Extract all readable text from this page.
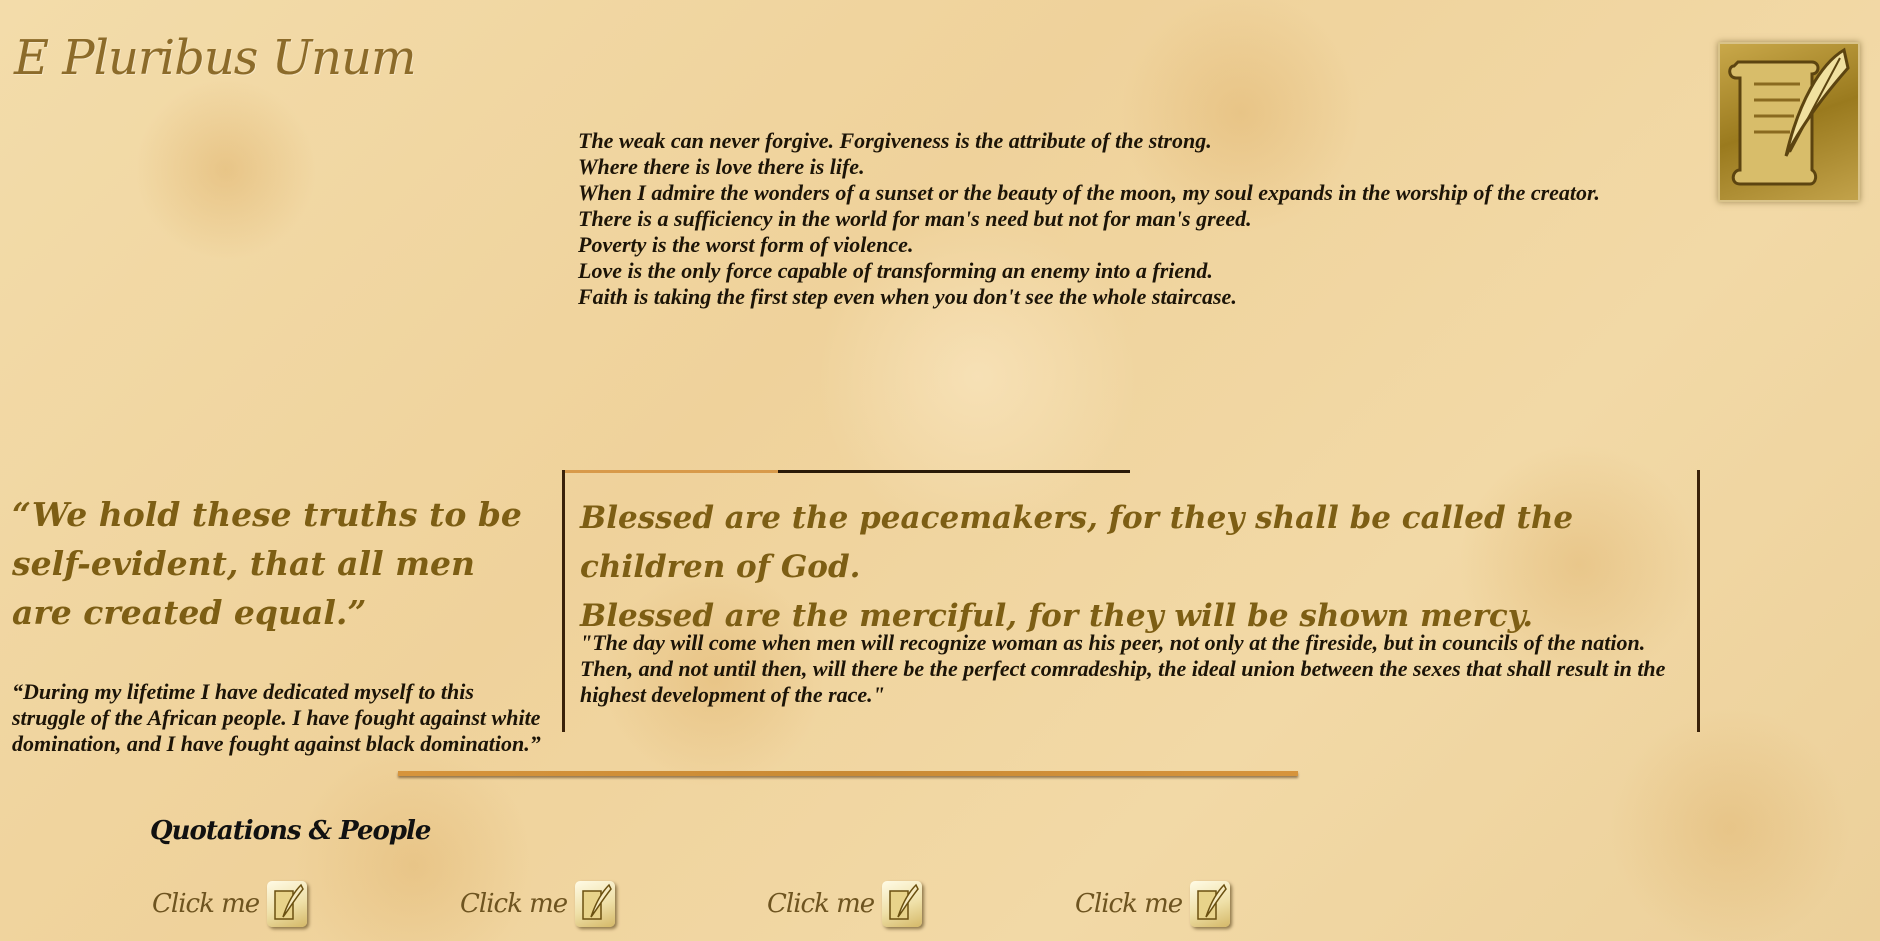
E Pluribus Unum
The weak can never forgive. Forgiveness is the attribute of the strong.
Where there is love there is life.
When I admire the wonders of a sunset or the beauty of the moon, my soul expands in the worship of the creator.
There is a sufficiency in the world for man's need but not for man's greed.
Poverty is the worst form of violence.
Love is the only force capable of transforming an enemy into a friend.
Faith is taking the first step even when you don't see the whole staircase.
“We hold these truths to be self-evident, that all men are created equal.”
Blessed are the peacemakers, for they shall be called the children of God.
Blessed are the merciful, for they will be shown mercy.
"The day will come when men will recognize woman as his peer, not only at the fireside, but in councils of the nation. Then, and not until then, will there be the perfect comradeship, the ideal union between the sexes that shall result in the highest development of the race."
“During my lifetime I have dedicated myself to this struggle of the African people. I have fought against white domination, and I have fought against black domination.”
Quotations & People
Click me	Click me	Click me	Click me
